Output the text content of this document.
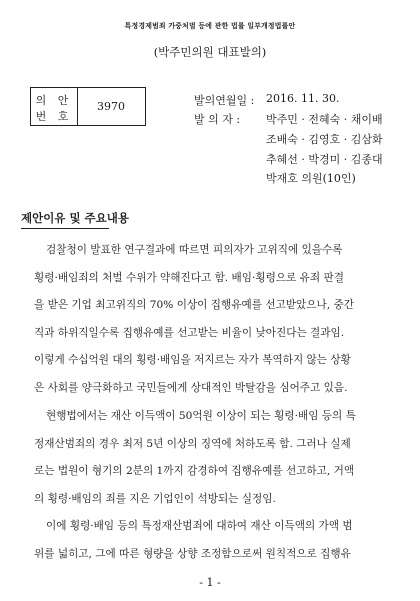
특정경제범죄 가중처벌 등에 관한 법률 일부개정법률안
(박주민의원 대표발의)
의 안
번 호
3970	발의연월일 : 2016. 11. 30.
발 의 자 : 박주민 · 전혜숙 · 채이배
조배숙 · 김영호 · 김삼화
추혜선 · 박경미 · 김종대
박재호 의원(10인)
제안이유 및 주요내용
검찰청이 발표한 연구결과에 따르면 피의자가 고위직에 있을수록
횡령·배임죄의 처벌 수위가 약해진다고 함. 배임·횡령으로 유죄 판결
을 받은 기업 최고위직의 70% 이상이 집행유예를 선고받았으나, 중간
직과 하위직일수록 집행유예를 선고받는 비율이 낮아진다는 결과임.
이렇게 수십억원 대의 횡령·배임을 저지르는 자가 복역하지 않는 상황
은 사회를 양극화하고 국민들에게 상대적인 박탈감을 심어주고 있음.
현행법에서는 재산 이득액이 50억원 이상이 되는 횡령·배임 등의 특
정재산범죄의 경우 최저 5년 이상의 징역에 처하도록 함. 그러나 실제
로는 법원이 형기의 2분의 1까지 감경하여 집행유예를 선고하고, 거액
의 횡령·배임의 죄를 지은 기업인이 석방되는 실정임.
이에 횡령·배임 등의 특정재산범죄에 대하여 재산 이득액의 가액 범
위를 넓히고, 그에 따른 형량을 상향 조정함으로써 원칙적으로 집행유
- 1 -
